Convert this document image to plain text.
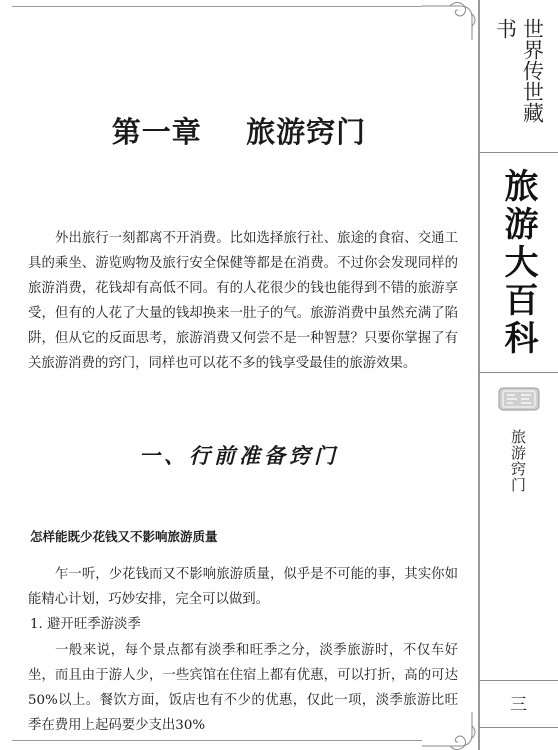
第一章    旅游窍门

外出旅行一刻都离不开消费。比如选择旅行社、旅途的食宿、交通工具的乘坐、游览购物及旅行安全保健等都是在消费。不过你会发现同样的旅游消费，花钱却有高低不同。有的人花很少的钱也能得到不错的旅游享受，但有的人花了大量的钱却换来一肚子的气。旅游消费中虽然充满了陷阱，但从它的反面思考，旅游消费又何尝不是一种智慧？只要你掌握了有关旅游消费的窍门，同样也可以花不多的钱享受最佳的旅游效果。

一、行前准备窍门

怎样能既少花钱又不影响旅游质量

乍一听，少花钱而又不影响旅游质量，似乎是不可能的事，其实你如能精心计划，巧妙安排，完全可以做到。

1. 避开旺季游淡季

一般来说，每个景点都有淡季和旺季之分，淡季旅游时，不仅车好坐，而且由于游人少，一些宾馆在住宿上都有优惠，可以打折，高的可达50%以上。餐饮方面，饭店也有不少的优惠，仅此一项，淡季旅游比旺季在费用上起码要少支出30%

世界传世藏书
旅游大百科
旅游窍门
三
